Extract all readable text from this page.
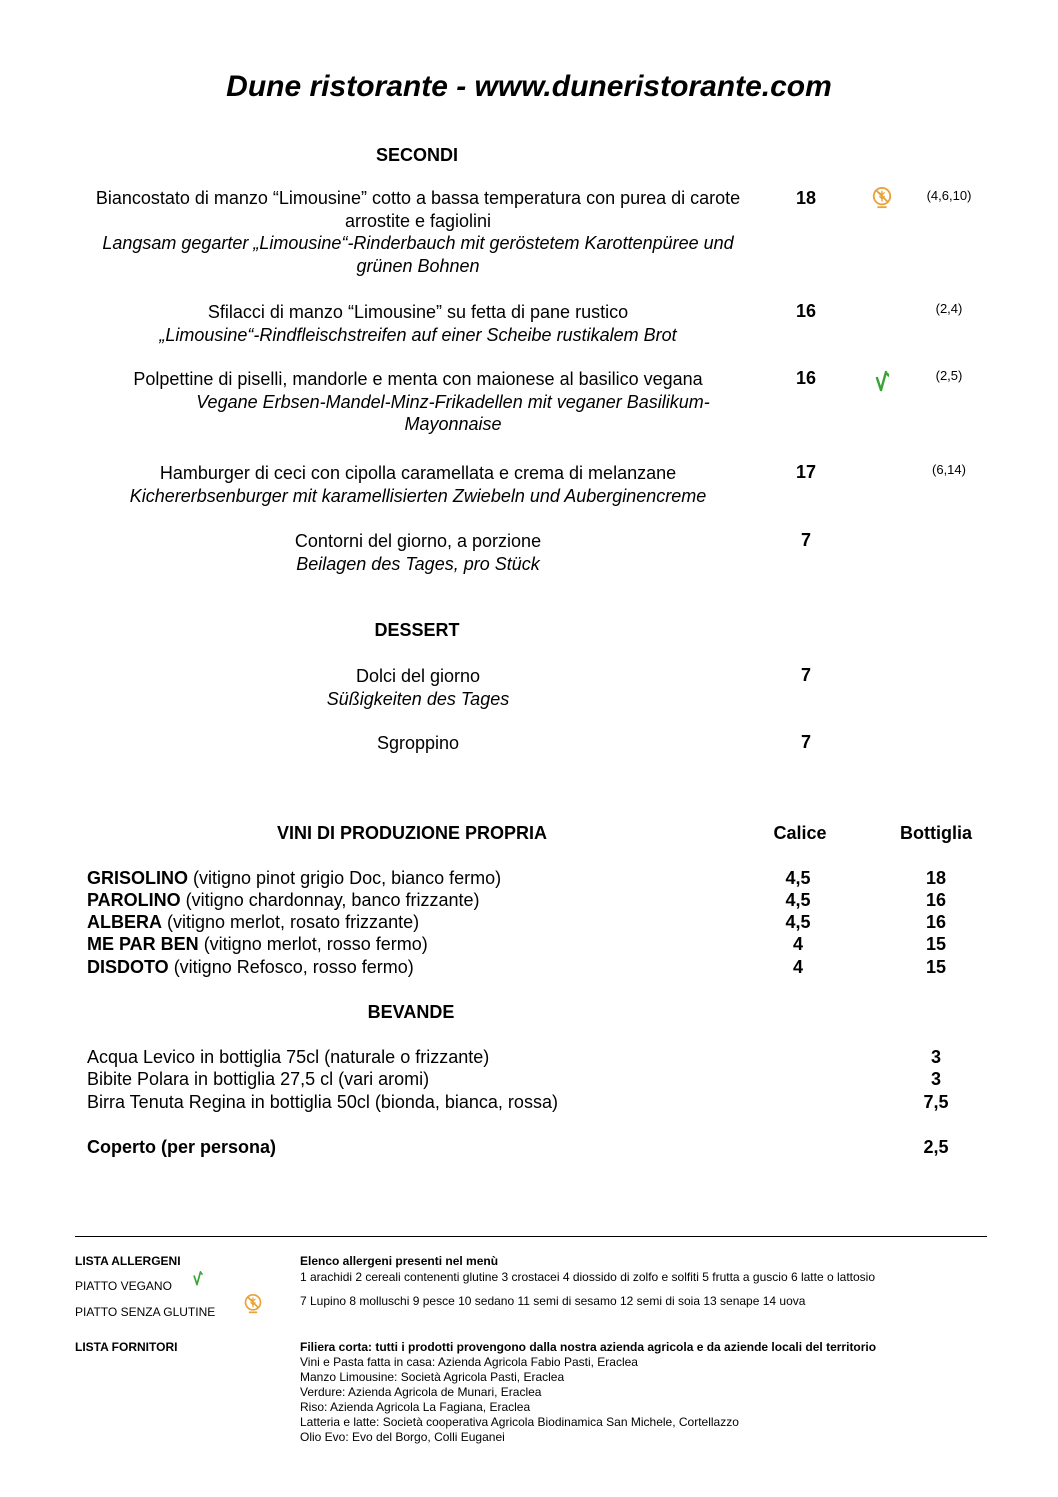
Dune ristorante - www.duneristorante.com
SECONDI
Biancostato di manzo “Limousine” cotto a bassa temperatura con purea di carote arrostite e fagiolini
Langsam gegarter „Limousine“-Rinderbauch mit geröstetem Karottenpüree und grünen Bohnen
18	(4,6,10)
Sfilacci di manzo “Limousine” su fetta di pane rustico
„Limousine“-Rindfleischstreifen auf einer Scheibe rustikalem Brot
16	(2,4)
Polpettine di piselli, mandorle e menta con maionese al basilico vegana
Vegane Erbsen-Mandel-Minz-Frikadellen mit veganer Basilikum-Mayonnaise
16	(2,5)
Hamburger di ceci con cipolla caramellata e crema di melanzane
Kichererbsenburger mit karamellisierten Zwiebeln und Auberginencreme
17	(6,14)
Contorni del giorno, a porzione
Beilagen des Tages, pro Stück
7
DESSERT
Dolci del giorno
Süßigkeiten des Tages
7
Sgroppino	7
VINI DI PRODUZIONE PROPRIA	Calice	Bottiglia
GRISOLINO (vitigno pinot grigio Doc, bianco fermo)	4,5	18
PAROLINO (vitigno chardonnay, banco frizzante)	4,5	16
ALBERA (vitigno merlot, rosato frizzante)	4,5	16
ME PAR BEN (vitigno merlot, rosso fermo)	4	15
DISDOTO (vitigno Refosco, rosso fermo)	4	15
BEVANDE
Acqua Levico in bottiglia 75cl (naturale o frizzante)	3
Bibite Polara in bottiglia 27,5 cl (vari aromi)	3
Birra Tenuta Regina in bottiglia 50cl (bionda, bianca, rossa)	7,5
Coperto (per persona)	2,5
LISTA ALLERGENI
PIATTO VEGANO
PIATTO SENZA GLUTINE
Elenco allergeni presenti nel menù
1 arachidi 2 cereali contenenti glutine 3 crostacei 4 diossido di zolfo e solfiti 5 frutta a guscio 6 latte o lattosio
7 Lupino 8 molluschi 9 pesce 10 sedano 11 semi di sesamo 12 semi di soia 13 senape 14 uova
LISTA FORNITORI	Filiera corta: tutti i prodotti provengono dalla nostra azienda agricola e da aziende locali del territorio
Vini e Pasta fatta in casa: Azienda Agricola Fabio Pasti, Eraclea
Manzo Limousine: Società Agricola Pasti, Eraclea
Verdure: Azienda Agricola de Munari, Eraclea
Riso: Azienda Agricola La Fagiana, Eraclea
Latteria e latte: Società cooperativa Agricola Biodinamica San Michele, Cortellazzo
Olio Evo: Evo del Borgo, Colli Euganei
